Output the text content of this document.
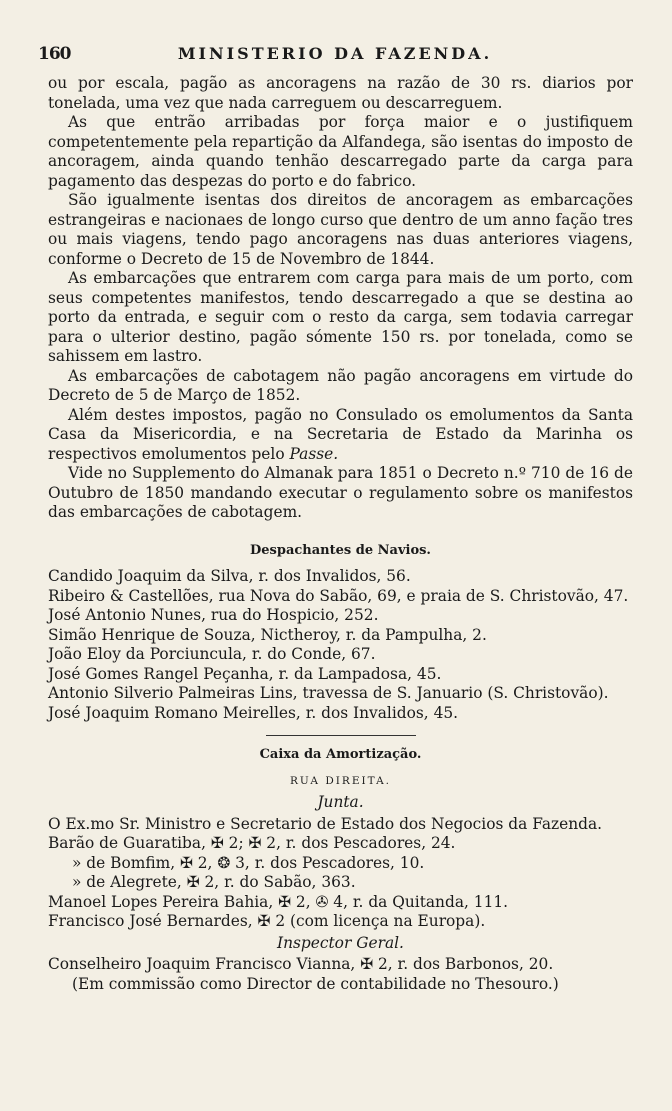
160	MINISTERIO DA FAZENDA.

ou por escala, pagão as ancoragens na razão de 30 rs. diarios por tonelada, uma vez que nada carreguem ou descarreguem.

As que entrão arribadas por força maior e o justifiquem competentemente pela repartição da Alfandega, são isentas do imposto de ancoragem, ainda quando tenhão descarregado parte da carga para pagamento das despezas do porto e do fabrico.

São igualmente isentas dos direitos de ancoragem as embarcações estrangeiras e nacionaes de longo curso que dentro de um anno fação tres ou mais viagens, tendo pago ancoragens nas duas anteriores viagens, conforme o Decreto de 15 de Novembro de 1844.

As embarcações que entrarem com carga para mais de um porto, com seus competentes manifestos, tendo descarregado a que se destina ao porto da entrada, e seguir com o resto da carga, sem todavia carregar para o ulterior destino, pagão sómente 150 rs. por tonelada, como se sahissem em lastro.

As embarcações de cabotagem não pagão ancoragens em virtude do Decreto de 5 de Março de 1852.

Além destes impostos, pagão no Consulado os emolumentos da Santa Casa da Misericordia, e na Secretaria de Estado da Marinha os respectivos emolumentos pelo Passe.

Vide no Supplemento do Almanak para 1851 o Decreto n.º 710 de 16 de Outubro de 1850 mandando executar o regulamento sobre os manifestos das embarcações de cabotagem.

Despachantes de Navios.

Candido Joaquim da Silva, r. dos Invalidos, 56.

Ribeiro & Castellões, rua Nova do Sabão, 69, e praia de S. Christovão, 47.

José Antonio Nunes, rua do Hospicio, 252.

Simão Henrique de Souza, Nictheroy, r. da Pampulha, 2.

João Eloy da Porciuncula, r. do Conde, 67.

José Gomes Rangel Peçanha, r. da Lampadosa, 45.

Antonio Silverio Palmeiras Lins, travessa de S. Januario (S. Christovão).

José Joaquim Romano Meirelles, r. dos Invalidos, 45.

Caixa da Amortização.
RUA DIREITA.
Junta.

O Ex.mo Sr. Ministro e Secretario de Estado dos Negocios da Fazenda.

Barão de Guaratiba, ✠ 2; ✠ 2, r. dos Pescadores, 24.

» de Bomfim, ✠ 2, ❂ 3, r. dos Pescadores, 10.

» de Alegrete, ✠ 2, r. do Sabão, 363.

Manoel Lopes Pereira Bahia, ✠ 2, ✇ 4, r. da Quitanda, 111.

Francisco José Bernardes, ✠ 2 (com licença na Europa).

Inspector Geral.

Conselheiro Joaquim Francisco Vianna, ✠ 2, r. dos Barbonos, 20.

(Em commissão como Director de contabilidade no Thesouro.)
